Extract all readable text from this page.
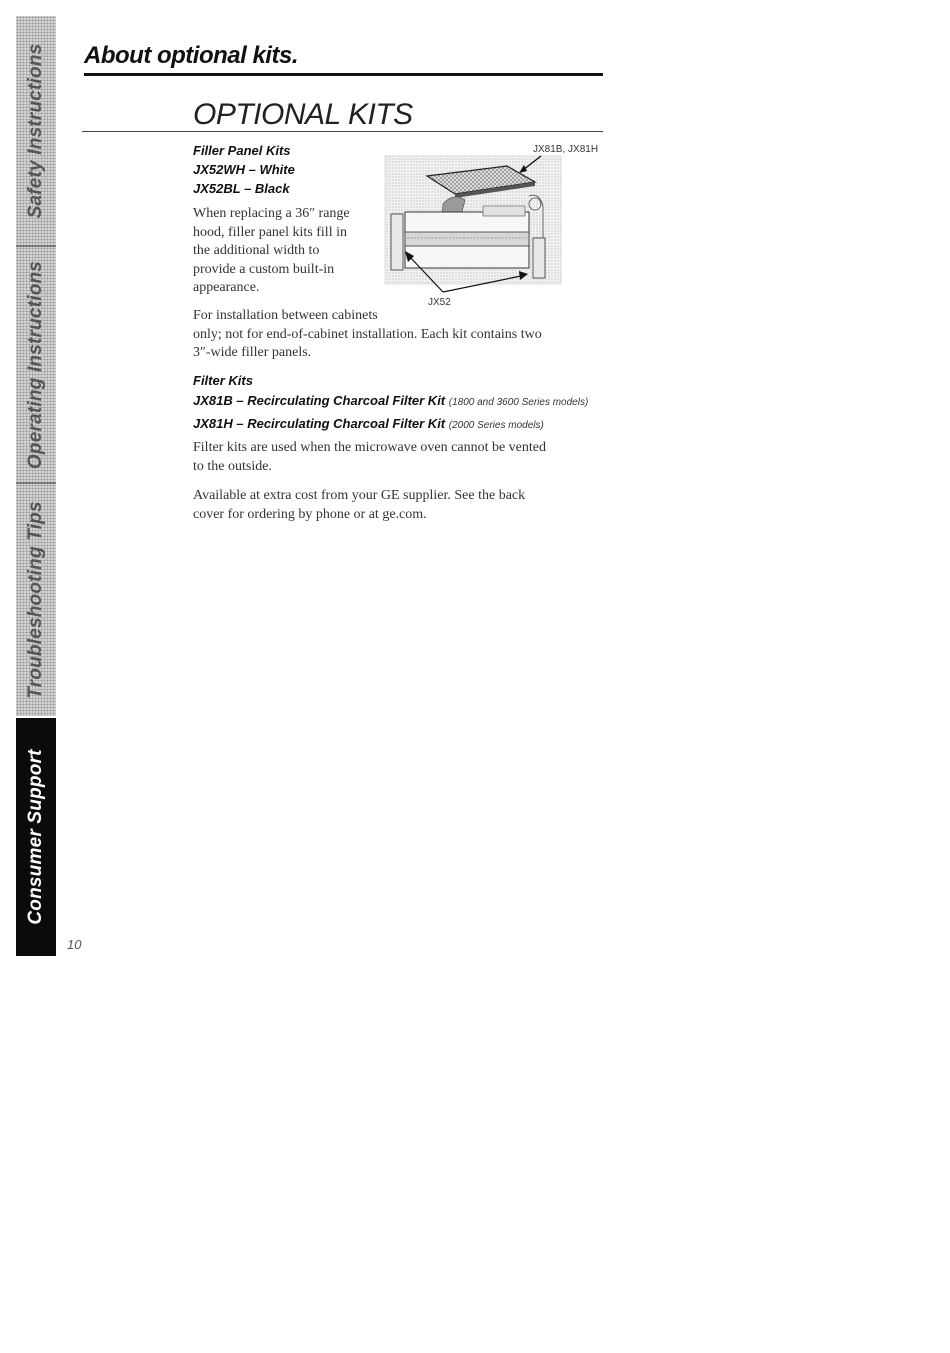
Safety Instructions
Operating Instructions
Troubleshooting Tips
Consumer Support
10
About optional kits.
OPTIONAL KITS
Filler Panel Kits
JX52WH – White
JX52BL – Black
When replacing a 36″ range
hood, filler panel kits fill in
the additional width to
provide a custom built-in
appearance.
For installation between cabinets
only; not for end-of-cabinet installation. Each kit contains two
3″-wide filler panels.
JX81B, JX81H
JX52
Filter Kits
JX81B – Recirculating Charcoal Filter Kit (1800 and 3600 Series models)
JX81H – Recirculating Charcoal Filter Kit (2000 Series models)
Filter kits are used when the microwave oven cannot be vented
to the outside.
Available at extra cost from your GE supplier. See the back
cover for ordering by phone or at ge.com.
